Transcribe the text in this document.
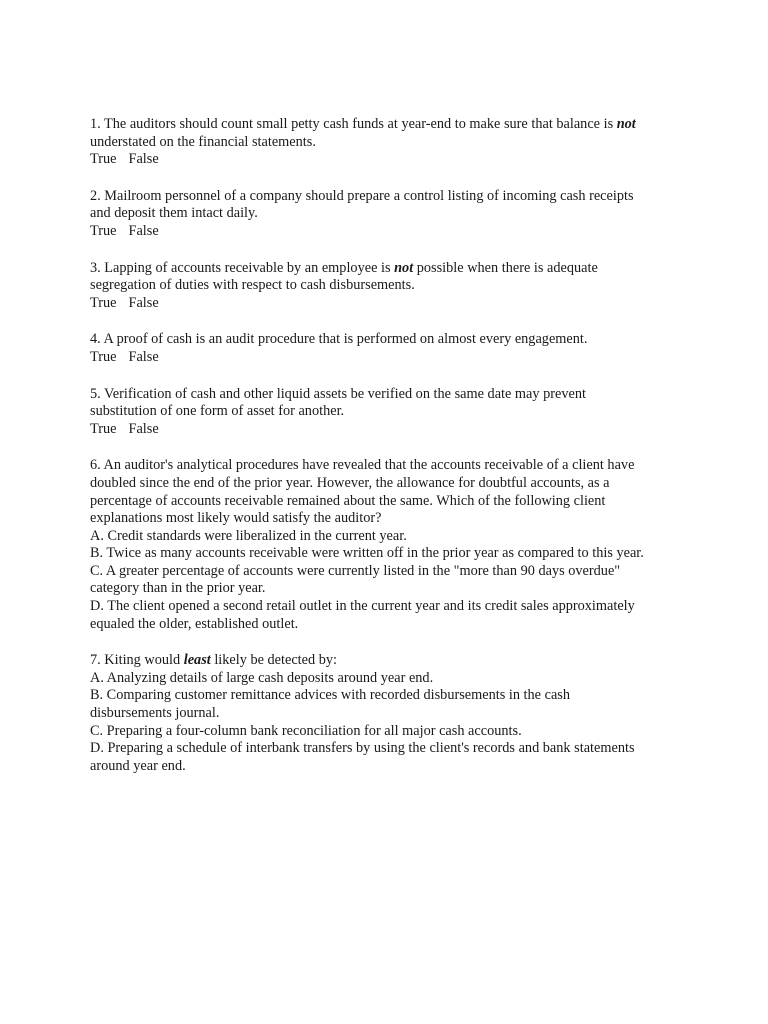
1. The auditors should count small petty cash funds at year-end to make sure that balance is not
understated on the financial statements.
True False
2. Mailroom personnel of a company should prepare a control listing of incoming cash receipts
and deposit them intact daily.
True False
3. Lapping of accounts receivable by an employee is not possible when there is adequate
segregation of duties with respect to cash disbursements.
True False
4. A proof of cash is an audit procedure that is performed on almost every engagement.
True False
5. Verification of cash and other liquid assets be verified on the same date may prevent
substitution of one form of asset for another.
True False
6. An auditor's analytical procedures have revealed that the accounts receivable of a client have
doubled since the end of the prior year. However, the allowance for doubtful accounts, as a
percentage of accounts receivable remained about the same. Which of the following client
explanations most likely would satisfy the auditor?
A. Credit standards were liberalized in the current year.
B. Twice as many accounts receivable were written off in the prior year as compared to this year.
C. A greater percentage of accounts were currently listed in the "more than 90 days overdue"
category than in the prior year.
D. The client opened a second retail outlet in the current year and its credit sales approximately
equaled the older, established outlet.
7. Kiting would least likely be detected by:
A. Analyzing details of large cash deposits around year end.
B. Comparing customer remittance advices with recorded disbursements in the cash
disbursements journal.
C. Preparing a four-column bank reconciliation for all major cash accounts.
D. Preparing a schedule of interbank transfers by using the client's records and bank statements
around year end.
